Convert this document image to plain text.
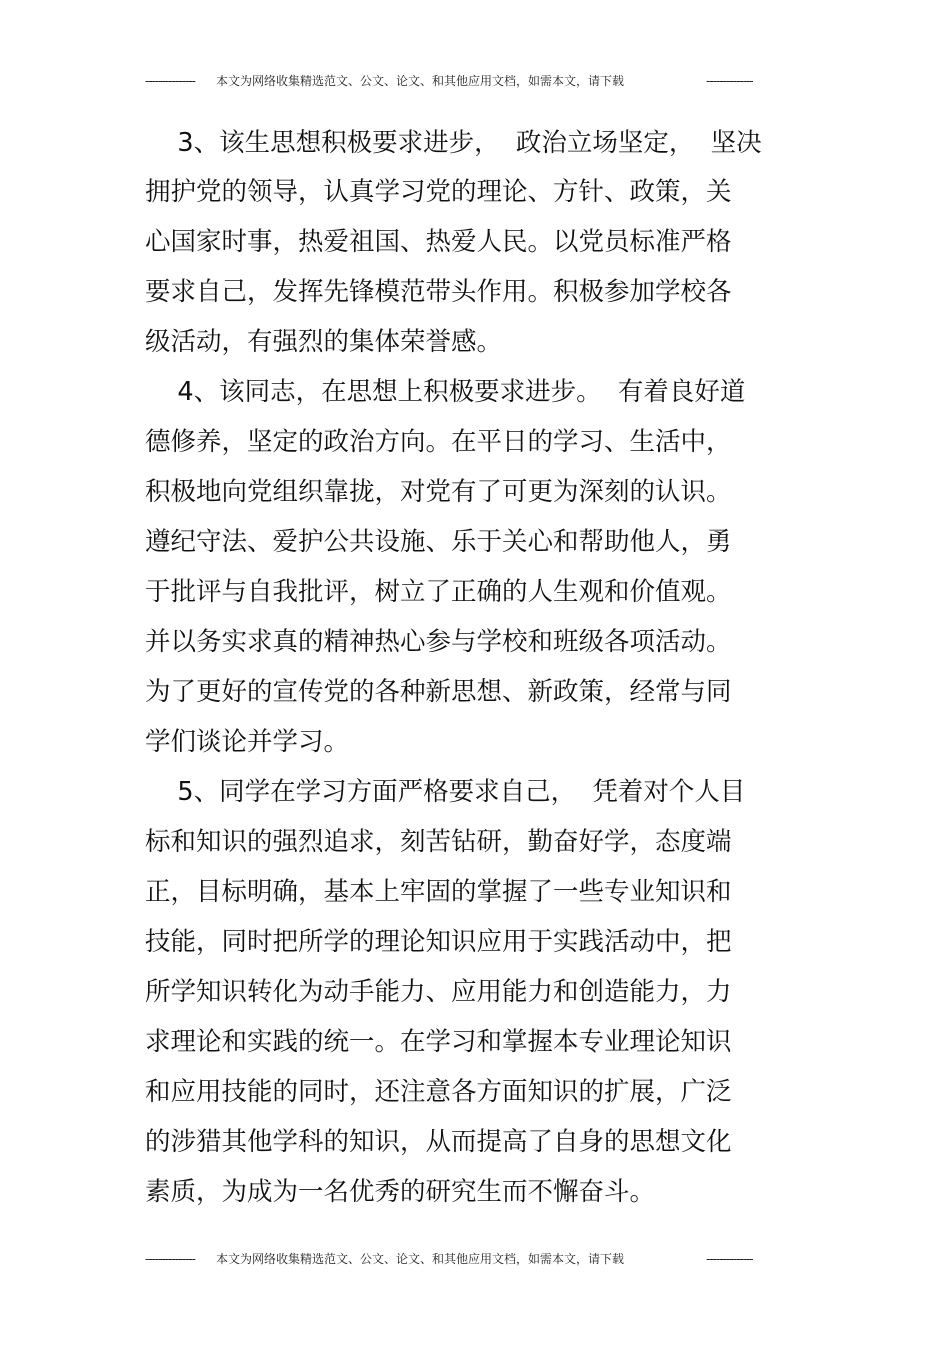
--------------- 本文为网络收集精选范文、公文、论文、和其他应用文档，如需本文，请下载	--------------
3、该生思想积极要求进步，  政治立场坚定，  坚决
拥护党的领导，认真学习党的理论、方针、政策，关
心国家时事，热爱祖国、热爱人民。以党员标准严格
要求自己，发挥先锋模范带头作用。积极参加学校各
级活动，有强烈的集体荣誉感。
4、该同志，在思想上积极要求进步。  有着良好道
德修养，坚定的政治方向。在平日的学习、生活中，
积极地向党组织靠拢，对党有了可更为深刻的认识。
遵纪守法、爱护公共设施、乐于关心和帮助他人，勇
于批评与自我批评，树立了正确的人生观和价值观。
并以务实求真的精神热心参与学校和班级各项活动。
为了更好的宣传党的各种新思想、新政策，经常与同
学们谈论并学习。
5、同学在学习方面严格要求自己，  凭着对个人目
标和知识的强烈追求，刻苦钻研，勤奋好学，态度端
正，目标明确，基本上牢固的掌握了一些专业知识和
技能，同时把所学的理论知识应用于实践活动中，把
所学知识转化为动手能力、应用能力和创造能力，力
求理论和实践的统一。在学习和掌握本专业理论知识
和应用技能的同时，还注意各方面知识的扩展，广泛
的涉猎其他学科的知识，从而提高了自身的思想文化
素质，为成为一名优秀的研究生而不懈奋斗。
--------------- 本文为网络收集精选范文、公文、论文、和其他应用文档，如需本文，请下载	--------------
